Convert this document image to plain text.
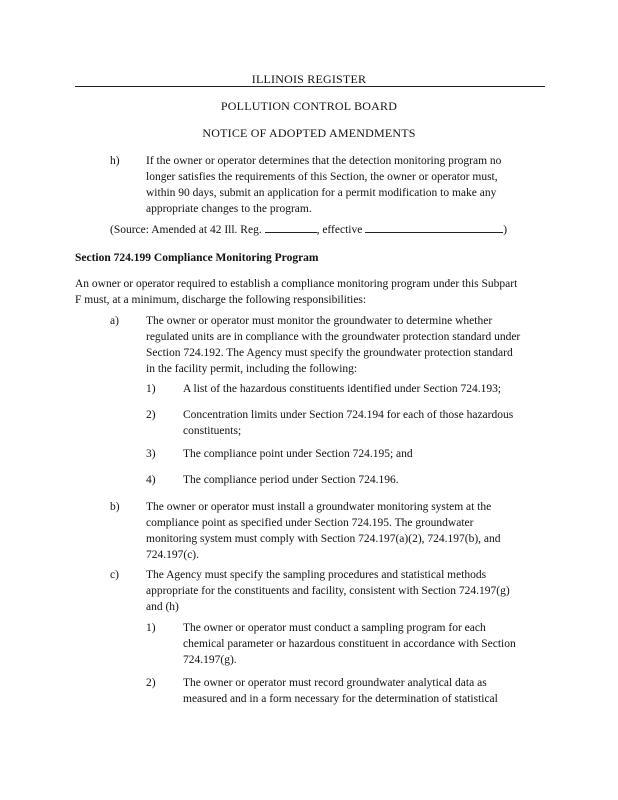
ILLINOIS REGISTER
POLLUTION CONTROL BOARD
NOTICE OF ADOPTED AMENDMENTS
h) If the owner or operator determines that the detection monitoring program no
longer satisfies the requirements of this Section, the owner or operator must,
within 90 days, submit an application for a permit modification to make any
appropriate changes to the program.
(Source: Amended at 42 Ill. Reg.	, effective	)
Section 724.199 Compliance Monitoring Program
An owner or operator required to establish a compliance monitoring program under this Subpart
F must, at a minimum, discharge the following responsibilities:
a) The owner or operator must monitor the groundwater to determine whether
regulated units are in compliance with the groundwater protection standard under
Section 724.192. The Agency must specify the groundwater protection standard
in the facility permit, including the following:
1) A list of the hazardous constituents identified under Section 724.193;
2) Concentration limits under Section 724.194 for each of those hazardous
constituents;
3) The compliance point under Section 724.195; and
4) The compliance period under Section 724.196.
b) The owner or operator must install a groundwater monitoring system at the
compliance point as specified under Section 724.195. The groundwater
monitoring system must comply with Section 724.197(a)(2), 724.197(b), and
724.197(c).
c) The Agency must specify the sampling procedures and statistical methods
appropriate for the constituents and facility, consistent with Section 724.197(g)
and (h)
1) The owner or operator must conduct a sampling program for each
chemical parameter or hazardous constituent in accordance with Section
724.197(g).
2) The owner or operator must record groundwater analytical data as
measured and in a form necessary for the determination of statistical
